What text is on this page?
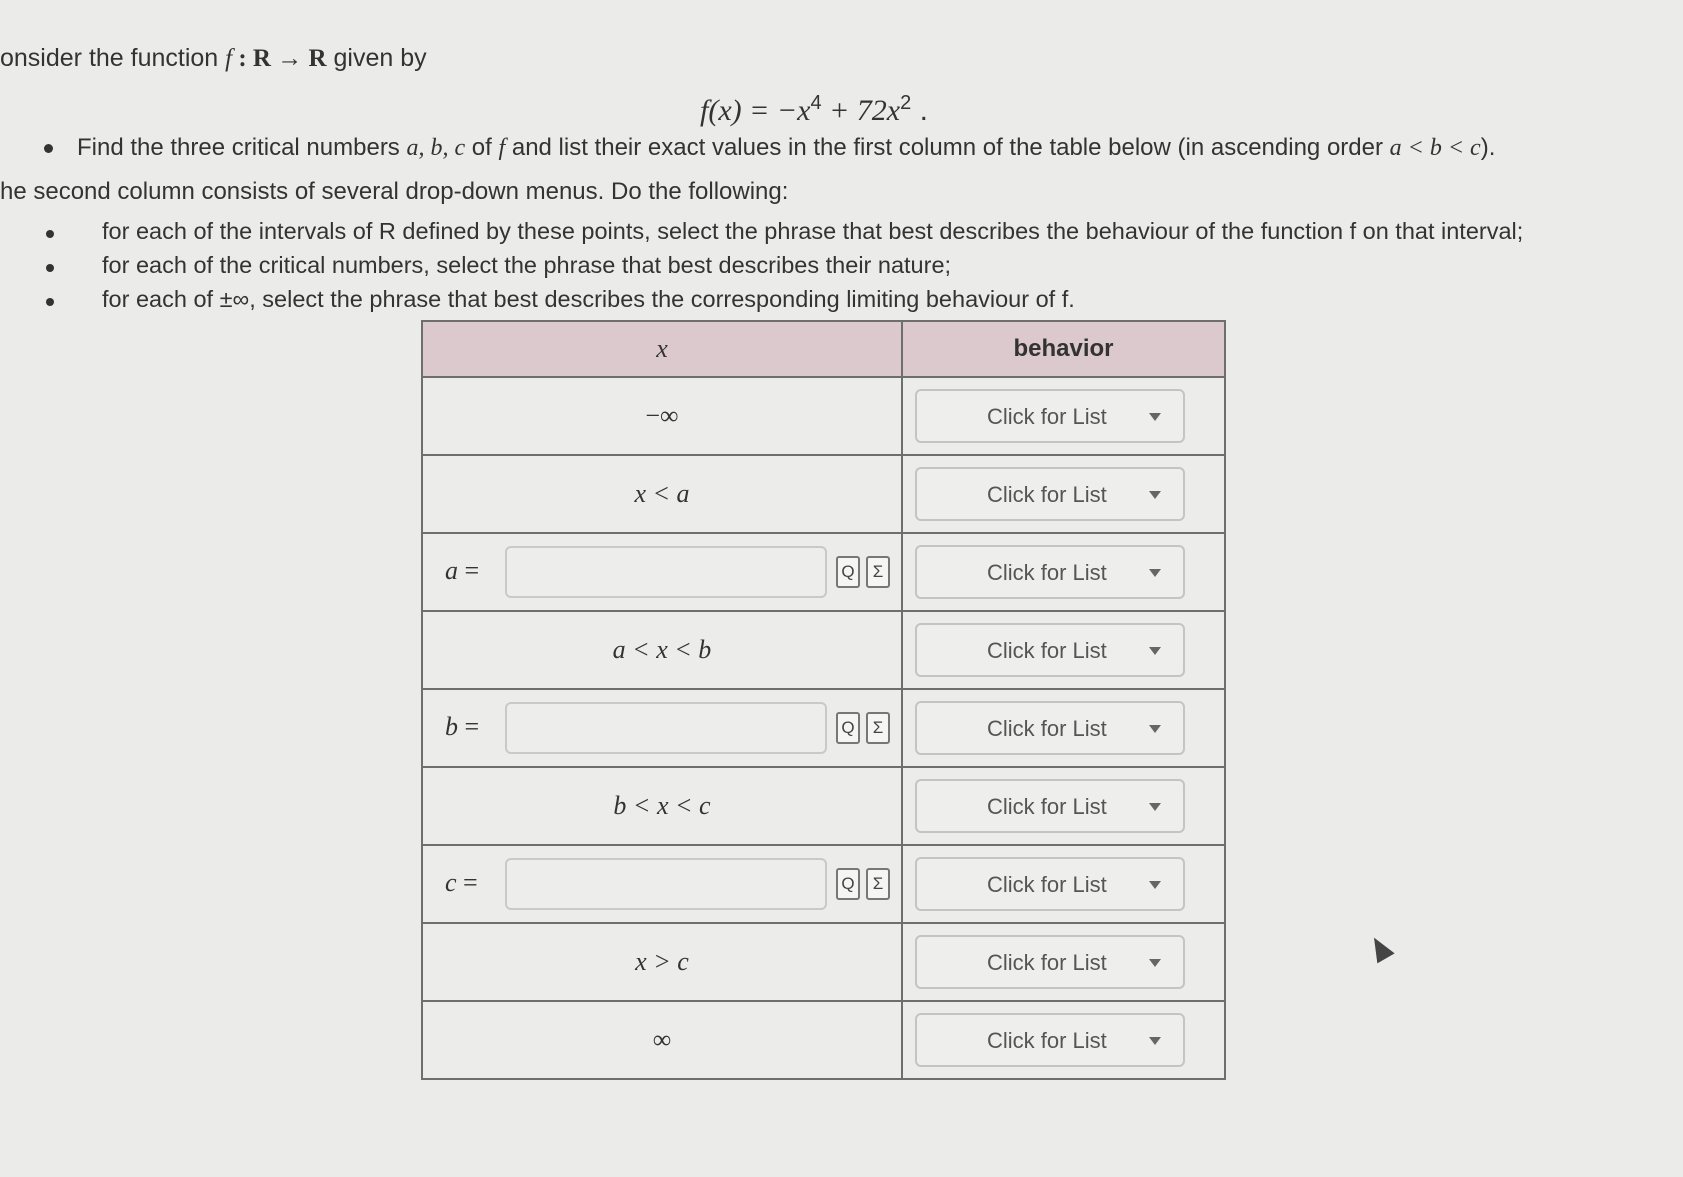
onsider the function f : R → R given by
$f(x) = -x^4 + 72x^2$ .
Find the three critical numbers a, b, c of f and list their exact values in the first column of the table below (in ascending order a < b < c).
he second column consists of several drop-down menus. Do the following:
for each of the intervals of R defined by these points, select the phrase that best describes the behaviour of the function f on that interval;
for each of the critical numbers, select the phrase that best describes their nature;
for each of ±∞, select the phrase that best describes the corresponding limiting behaviour of f.
x	behavior
−∞	Click for List

x < a	Click for List

a = Q Σ	Click for List

a < x < b	Click for List

b = Q Σ	Click for List

b < x < c	Click for List

c = Q Σ	Click for List

x > c	Click for List

∞	Click for List
